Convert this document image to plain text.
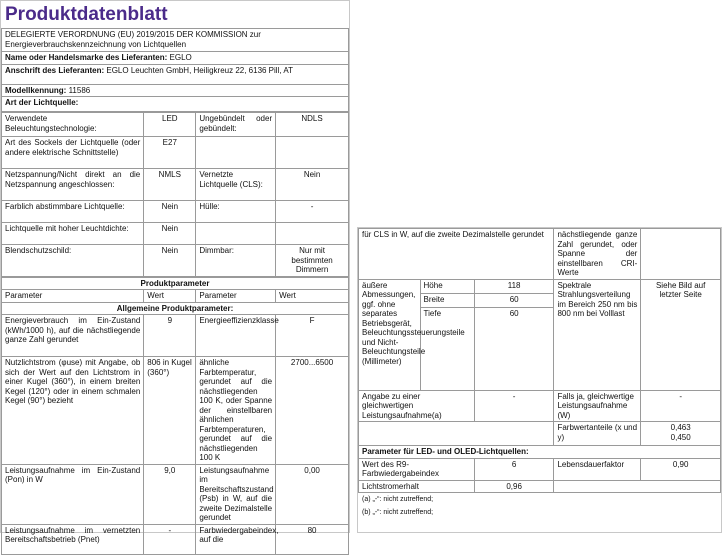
Produktdatenblatt
DELEGIERTE VERORDNUNG (EU) 2019/2015 DER KOMMISSION zur Energieverbrauchskennzeichnung von Lichtquellen
Name oder Handelsmarke des Lieferanten: EGLO
Anschrift des Lieferanten: EGLO Leuchten GmbH, Heiligkreuz 22, 6136 Pill, AT
Modellkennung: 11586
Art der Lichtquelle:
Verwendete Beleuchtungstechnologie:	LED	Ungebündelt oder gebündelt:	NDLS
Art des Sockels der Lichtquelle (oder andere elektrische Schnittstelle)	E27		
Netzspannung/Nicht direkt an die Netzspannung angeschlossen:	NMLS	Vernetzte Lichtquelle (CLS):	Nein
Farblich abstimmbare Lichtquelle:	Nein	Hülle:	-
Lichtquelle mit hoher Leuchtdichte:	Nein		
Blendschutzschild:	Nein	Dimmbar:	Nur mit bestimmten Dimmern
Produktparameter			
Parameter	Wert	Parameter	Wert
Allgemeine Produktparameter:			
Energieverbrauch im Ein-Zustand (kWh/1000 h), auf die nächstliegende ganze Zahl gerundet	9	Energieeffizienzklasse	F
Nutzlichtstrom (φuse) mit Angabe, ob sich der Wert auf den Lichtstrom in einer Kugel (360°), in einem breiten Kegel (120°) oder in einem schmalen Kegel (90°) bezieht	806 in Kugel (360°)	ähnliche Farbtemperatur, gerundet auf die nächstliegenden 100 K, oder Spanne der einstellbaren ähnlichen Farbtemperaturen, gerundet auf die nächstliegenden 100 K	2700...6500
Leistungsaufnahme im Ein-Zustand (Pon) in W	9,0	Leistungsaufnahme im Bereitschaftszustand (Psb) in W, auf die zweite Dezimalstelle gerundet	0,00
Leistungsaufnahme im vernetzten Bereitschaftsbetrieb (Pnet)	-	Farbwiedergabeindex, auf die	80
für CLS in W, auf die zweite Dezimalstelle gerundet			nächstliegende ganze Zahl gerundet, oder Spanne der einstellbaren CRI-Werte	
äußere Abmessungen, ggf. ohne separates Betriebsgerät, Beleuchtungssteuerungsteile und Nicht-Beleuchtungsteile (Millimeter)	Höhe	118	Spektrale Strahlungsverteilung im Bereich 250 nm bis 800 nm bei Volllast	Siehe Bild auf letzter Seite
	Breite	60		
	Tiefe	60		
Angabe zu einer gleichwertigen Leistungsaufnahme(a)		-	Falls ja, gleichwertige Leistungsaufnahme (W)	-
			Farbwertanteile (x und y)	0,463
0,450
Parameter für LED- und OLED-Lichtquellen:				
Wert des R9-Farbwiedergabeindex		6	Lebensdauerfaktor	0,90
Lichtstromerhalt		0,96		
(a) „-“: nicht zutreffend;
(b) „-“: nicht zutreffend;
